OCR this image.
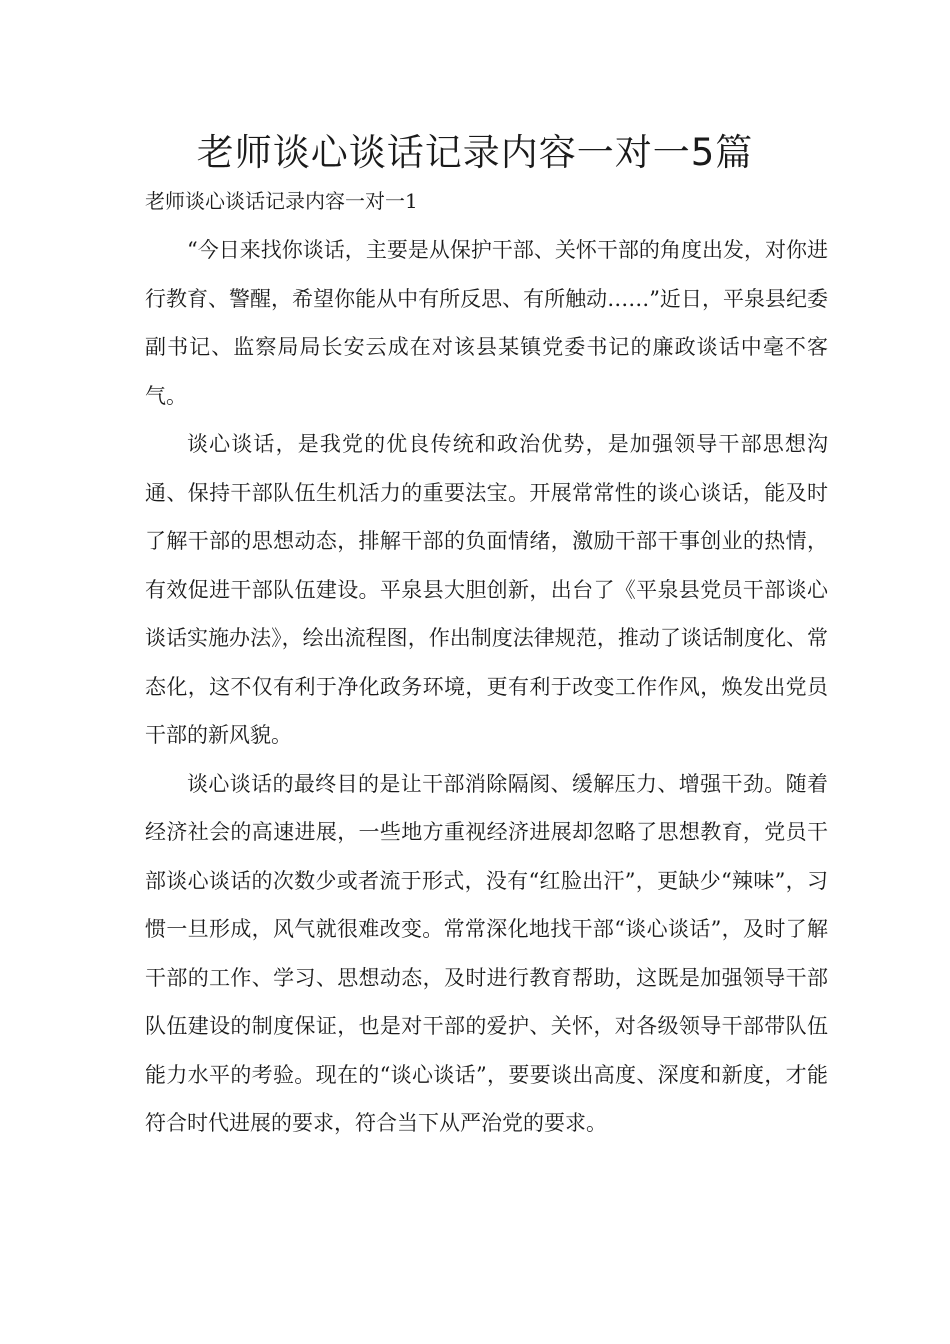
老师谈心谈话记录内容一对一5篇
老师谈心谈话记录内容一对一1

“今日来找你谈话，主要是从保护干部、关怀干部的角度出发，对你进行教育、警醒，希望你能从中有所反思、有所触动……”近日，平泉县纪委副书记、监察局局长安云成在对该县某镇党委书记的廉政谈话中毫不客气。

谈心谈话，是我党的优良传统和政治优势，是加强领导干部思想沟通、保持干部队伍生机活力的重要法宝。开展常常性的谈心谈话，能及时了解干部的思想动态，排解干部的负面情绪，激励干部干事创业的热情，有效促进干部队伍建设。平泉县大胆创新，出台了《平泉县党员干部谈心谈话实施办法》，绘出流程图，作出制度法律规范，推动了谈话制度化、常态化，这不仅有利于净化政务环境，更有利于改变工作作风，焕发出党员干部的新风貌。

谈心谈话的最终目的是让干部消除隔阂、缓解压力、增强干劲。随着经济社会的高速进展，一些地方重视经济进展却忽略了思想教育，党员干部谈心谈话的次数少或者流于形式，没有“红脸出汗”，更缺少“辣味”，习惯一旦形成，风气就很难改变。常常深化地找干部“谈心谈话”，及时了解干部的工作、学习、思想动态，及时进行教育帮助，这既是加强领导干部队伍建设的制度保证，也是对干部的爱护、关怀，对各级领导干部带队伍能力水平的考验。现在的“谈心谈话”，要要谈出高度、深度和新度，才能符合时代进展的要求，符合当下从严治党的要求。
